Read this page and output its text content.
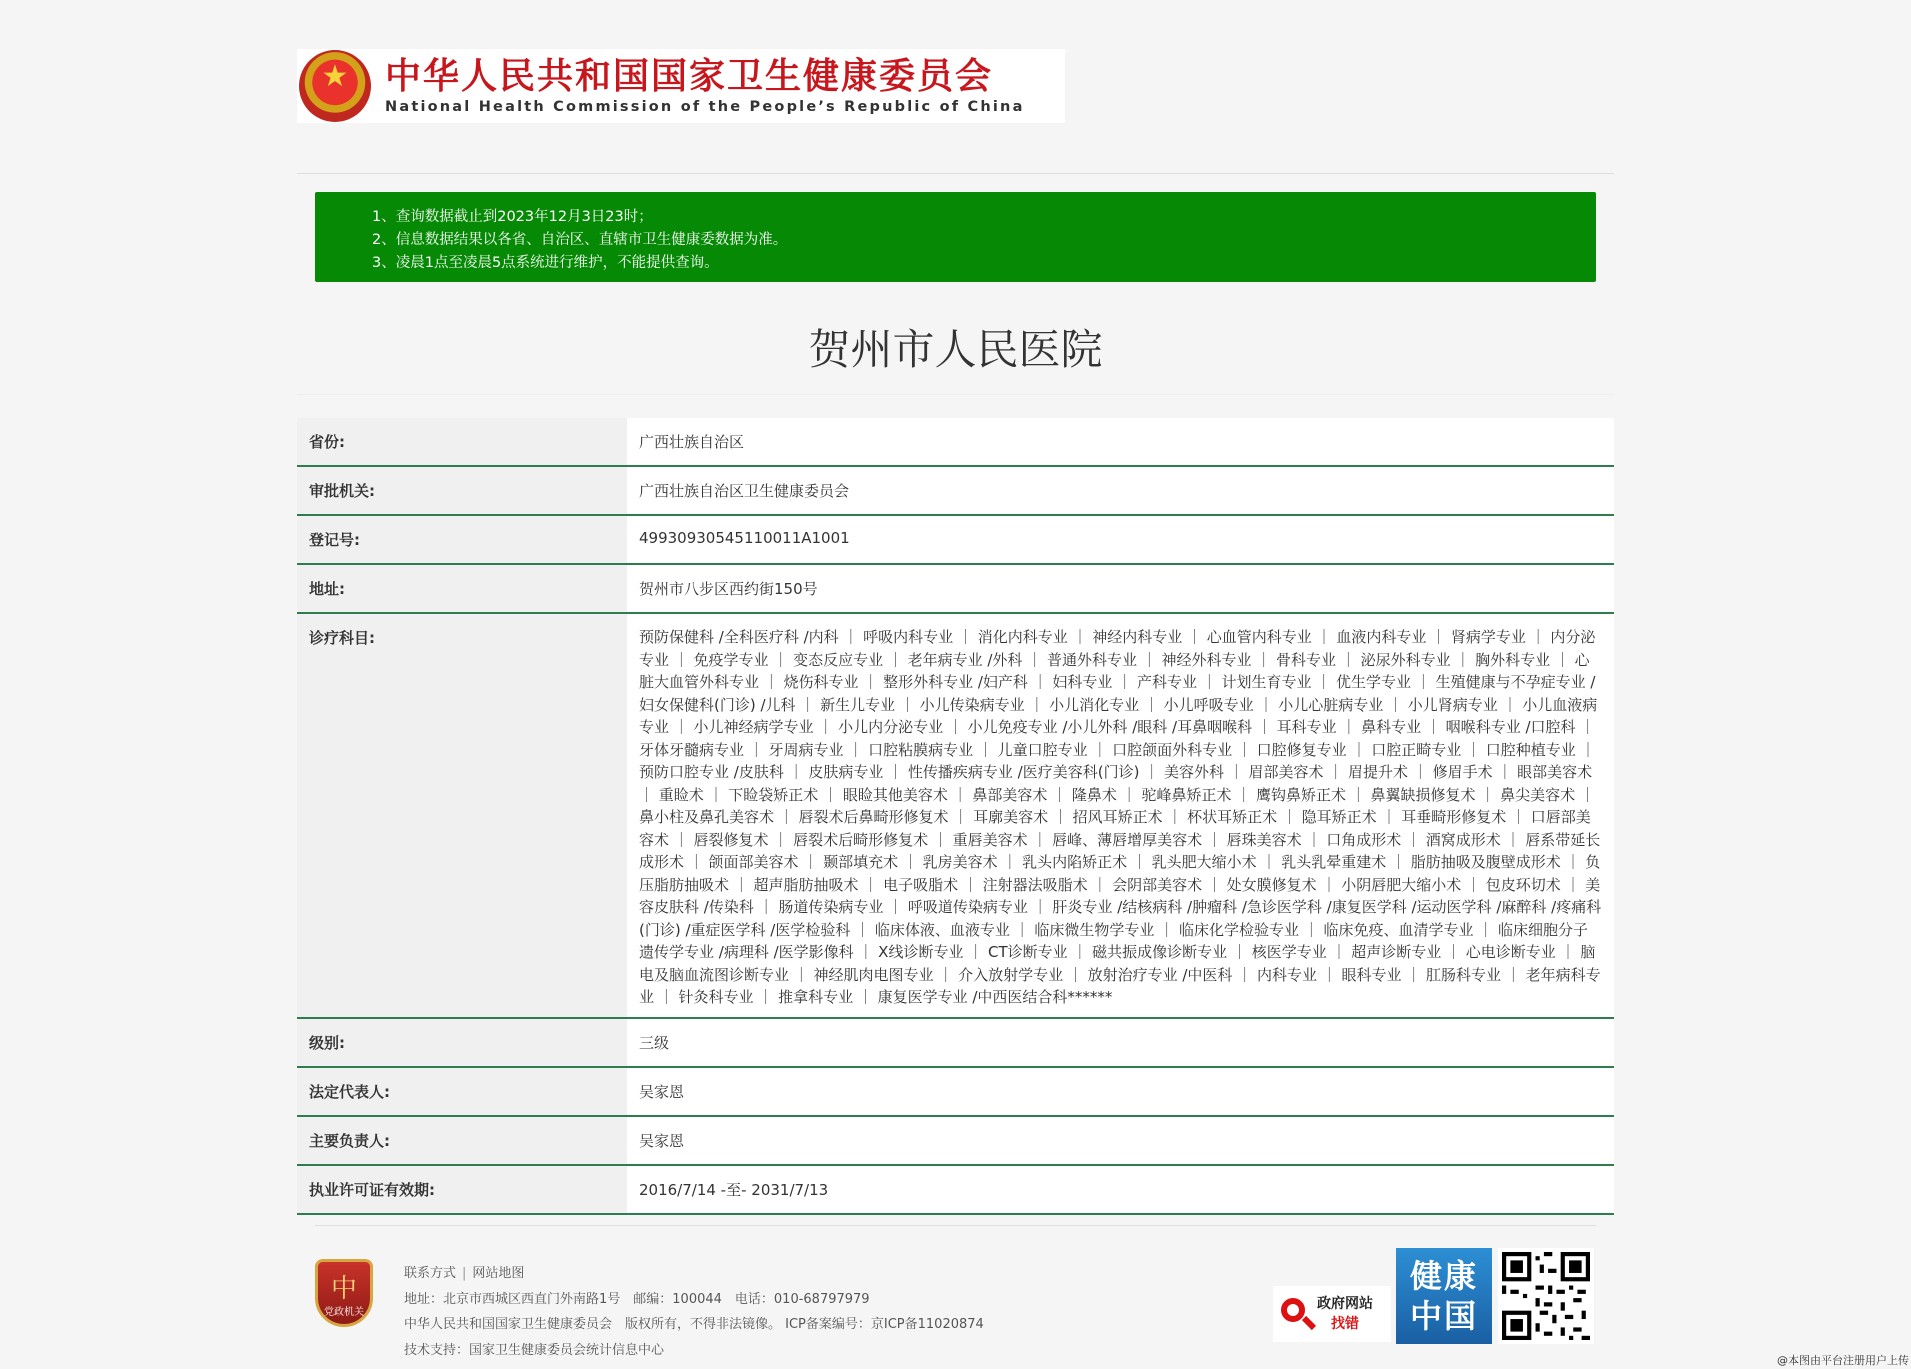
★
中华人民共和国国家卫生健康委员会
National Health Commission of the People’s Republic of China
1、查询数据截止到2023年12月3日23时；
2、信息数据结果以各省、自治区、直辖市卫生健康委数据为准。
3、凌晨1点至凌晨5点系统进行维护，不能提供查询。
贺州市人民医院
省份:	广西壮族自治区
审批机关:	广西壮族自治区卫生健康委员会
登记号:	49930930545110011A1001
地址:	贺州市八步区西约街150号
诊疗科目:	预防保健科 /全科医疗科 /内科 ｜ 呼吸内科专业 ｜ 消化内科专业 ｜ 神经内科专业 ｜ 心血管内科专业 ｜ 血液内科专业 ｜ 肾病学专业 ｜ 内分泌专业 ｜ 免疫学专业 ｜ 变态反应专业 ｜ 老年病专业 /外科 ｜ 普通外科专业 ｜ 神经外科专业 ｜ 骨科专业 ｜ 泌尿外科专业 ｜ 胸外科专业 ｜ 心脏大血管外科专业 ｜ 烧伤科专业 ｜ 整形外科专业 /妇产科 ｜ 妇科专业 ｜ 产科专业 ｜ 计划生育专业 ｜ 优生学专业 ｜ 生殖健康与不孕症专业 /妇女保健科(门诊) /儿科 ｜ 新生儿专业 ｜ 小儿传染病专业 ｜ 小儿消化专业 ｜ 小儿呼吸专业 ｜ 小儿心脏病专业 ｜ 小儿肾病专业 ｜ 小儿血液病专业 ｜ 小儿神经病学专业 ｜ 小儿内分泌专业 ｜ 小儿免疫专业 /小儿外科 /眼科 /耳鼻咽喉科 ｜ 耳科专业 ｜ 鼻科专业 ｜ 咽喉科专业 /口腔科 ｜ 牙体牙髓病专业 ｜ 牙周病专业 ｜ 口腔粘膜病专业 ｜ 儿童口腔专业 ｜ 口腔颌面外科专业 ｜ 口腔修复专业 ｜ 口腔正畸专业 ｜ 口腔种植专业 ｜ 预防口腔专业 /皮肤科 ｜ 皮肤病专业 ｜ 性传播疾病专业 /医疗美容科(门诊) ｜ 美容外科 ｜ 眉部美容术 ｜ 眉提升术 ｜ 修眉手术 ｜ 眼部美容术 ｜ 重睑术 ｜ 下睑袋矫正术 ｜ 眼睑其他美容术 ｜ 鼻部美容术 ｜ 隆鼻术 ｜ 驼峰鼻矫正术 ｜ 鹰钩鼻矫正术 ｜ 鼻翼缺损修复术 ｜ 鼻尖美容术 ｜ 鼻小柱及鼻孔美容术 ｜ 唇裂术后鼻畸形修复术 ｜ 耳廓美容术 ｜ 招风耳矫正术 ｜ 杯状耳矫正术 ｜ 隐耳矫正术 ｜ 耳垂畸形修复术 ｜ 口唇部美容术 ｜ 唇裂修复术 ｜ 唇裂术后畸形修复术 ｜ 重唇美容术 ｜ 唇峰、薄唇增厚美容术 ｜ 唇珠美容术 ｜ 口角成形术 ｜ 酒窝成形术 ｜ 唇系带延长成形术 ｜ 颌面部美容术 ｜ 颞部填充术 ｜ 乳房美容术 ｜ 乳头内陷矫正术 ｜ 乳头肥大缩小术 ｜ 乳头乳晕重建术 ｜ 脂肪抽吸及腹壁成形术 ｜ 负压脂肪抽吸术 ｜ 超声脂肪抽吸术 ｜ 电子吸脂术 ｜ 注射器法吸脂术 ｜ 会阴部美容术 ｜ 处女膜修复术 ｜ 小阴唇肥大缩小术 ｜ 包皮环切术 ｜ 美容皮肤科 /传染科 ｜ 肠道传染病专业 ｜ 呼吸道传染病专业 ｜ 肝炎专业 /结核病科 /肿瘤科 /急诊医学科 /康复医学科 /运动医学科 /麻醉科 /疼痛科(门诊) /重症医学科 /医学检验科 ｜ 临床体液、血液专业 ｜ 临床微生物学专业 ｜ 临床化学检验专业 ｜ 临床免疫、血清学专业 ｜ 临床细胞分子遗传学专业 /病理科 /医学影像科 ｜ X线诊断专业 ｜ CT诊断专业 ｜ 磁共振成像诊断专业 ｜ 核医学专业 ｜ 超声诊断专业 ｜ 心电诊断专业 ｜ 脑电及脑血流图诊断专业 ｜ 神经肌肉电图专业 ｜ 介入放射学专业 ｜ 放射治疗专业 /中医科 ｜ 内科专业 ｜ 眼科专业 ｜ 肛肠科专业 ｜ 老年病科专业 ｜ 针灸科专业 ｜ 推拿科专业 ｜ 康复医学专业 /中西医结合科******
级别:	三级
法定代表人:	吴家恩
主要负责人:	吴家恩
执业许可证有效期:	2016/7/14 -至- 2031/7/13
中
党政机关
联系方式 | 网站地图
地址：北京市西城区西直门外南路1号　邮编：100044　电话：010-68797979
中华人民共和国国家卫生健康委员会　版权所有，不得非法镜像。 ICP备案编号：京ICP备11020874
技术支持：国家卫生健康委员会统计信息中心
政府网站
找错
健康
中国
@本图由平台注册用户上传
